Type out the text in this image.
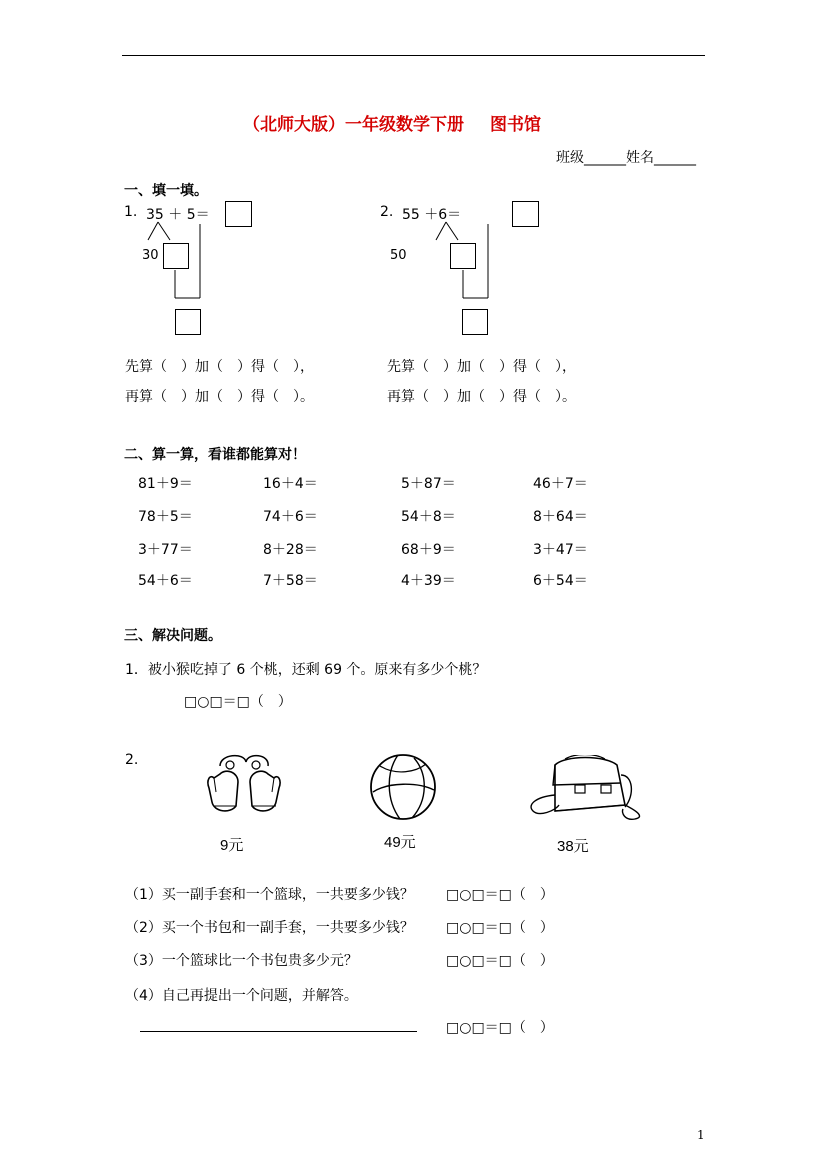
（北师大版）一年级数学下册 图书馆
班级______姓名______
一、填一填。
1. 35 ＋ 5＝
30
2. 55 ＋6＝
50
先算（　）加（　）得（　），
再算（　）加（　）得（　）。
先算（　）加（　）得（　），
再算（　）加（　）得（　）。
二、算一算，看谁都能算对！
81＋9＝	16＋4＝	5＋87＝	46＋7＝
78＋5＝	74＋6＝	54＋8＝	8＋64＝
3＋77＝	8＋28＝	68＋9＝	3＋47＝
54＋6＝	7＋58＝	4＋39＝	6＋54＝
三、解决问题。
1．被小猴吃掉了 6 个桃，还剩 69 个。原来有多少个桃？
□○□＝□（　）
2.
9元	49元	38元
（1）买一副手套和一个篮球，一共要多少钱？ □○□＝□（　）
（2）买一个书包和一副手套，一共要多少钱？ □○□＝□（　）
（3）一个篮球比一个书包贵多少元？	□○□＝□（　）
（4）自己再提出一个问题，并解答。
□○□＝□（　）
1
